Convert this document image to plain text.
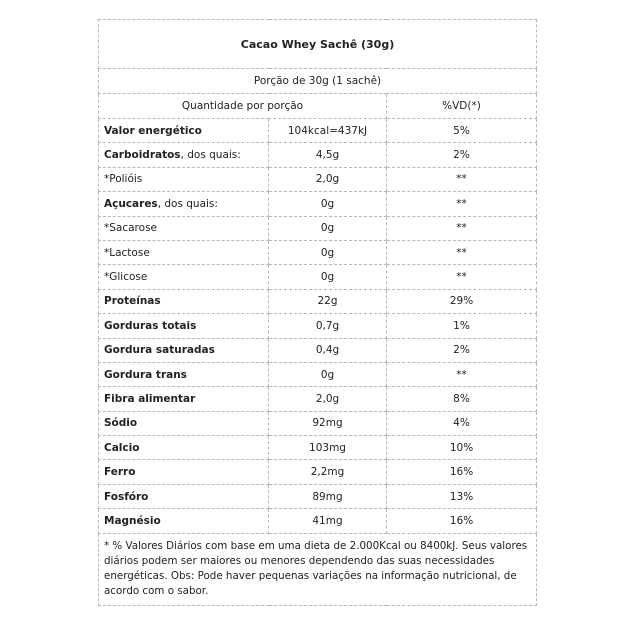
Cacao Whey Sachê (30g)		
Porção de 30g (1 sachê)		
Quantidade por porção		%VD(*)
Valor energético	104kcal=437kJ	5%
Carboidratos, dos quais:	4,5g	2%
*Polióis	2,0g	**
Açucares, dos quais:	0g	**
*Sacarose	0g	**
*Lactose	0g	**
*Glicose	0g	**
Proteínas	22g	29%
Gorduras totais	0,7g	1%
Gordura saturadas	0,4g	2%
Gordura trans	0g	**
Fibra alimentar	2,0g	8%
Sódio	92mg	4%
Calcio	103mg	10%
Ferro	2,2mg	16%
Fosfóro	89mg	13%
Magnésio	41mg	16%
* % Valores Diários com base em uma dieta de 2.000Kcal ou 8400kJ. Seus valores diários podem ser maiores ou menores dependendo das suas necessidades energéticas. Obs: Pode haver pequenas variações na informação nutricional, de acordo com o sabor.		
